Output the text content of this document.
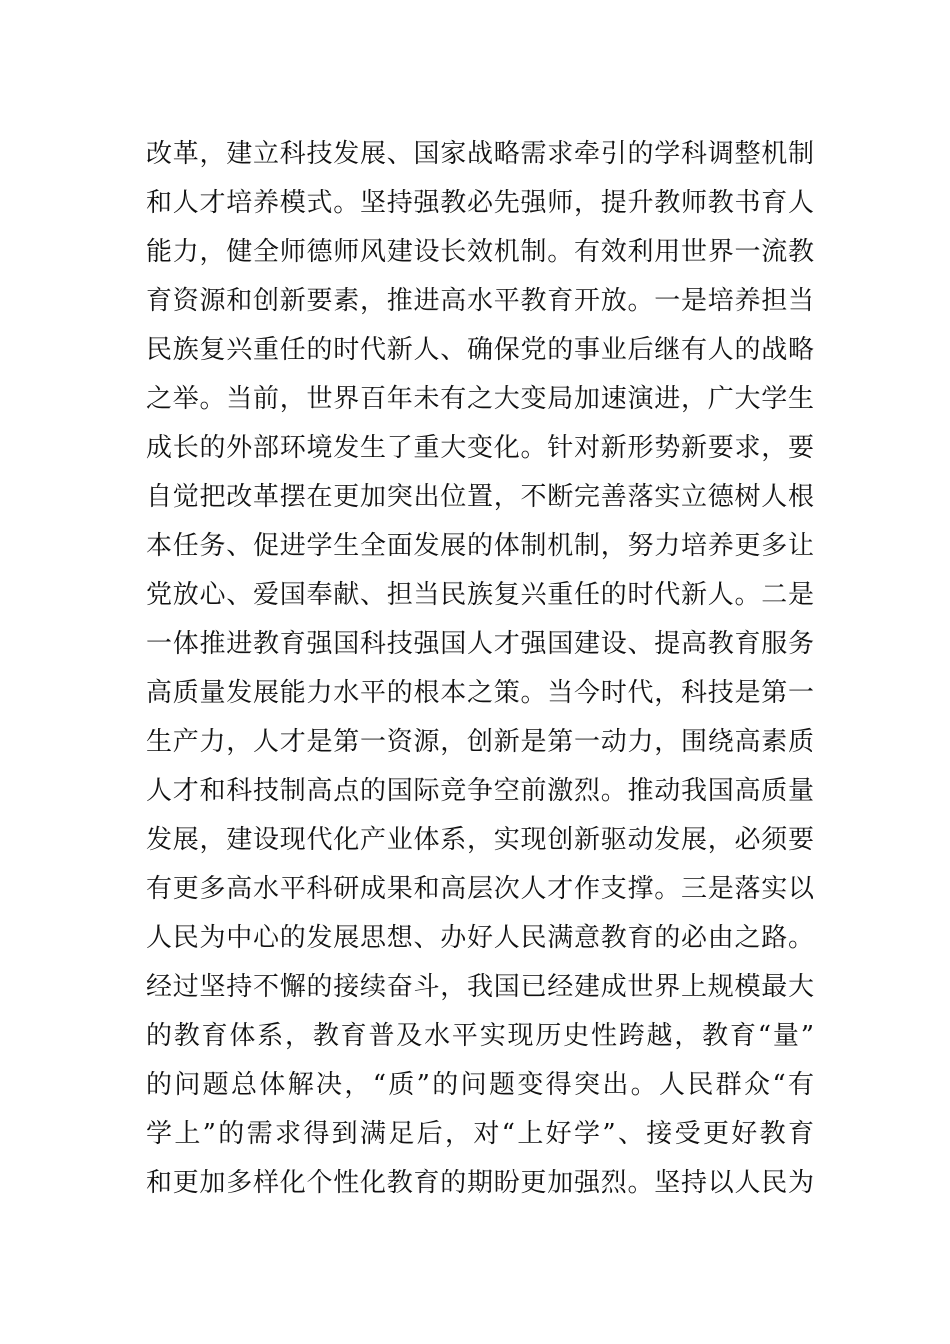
改革，建立科技发展、国家战略需求牵引的学科调整机制
和人才培养模式。坚持强教必先强师，提升教师教书育人
能力，健全师德师风建设长效机制。有效利用世界一流教
育资源和创新要素，推进高水平教育开放。一是培养担当
民族复兴重任的时代新人、确保党的事业后继有人的战略
之举。当前，世界百年未有之大变局加速演进，广大学生
成长的外部环境发生了重大变化。针对新形势新要求，要
自觉把改革摆在更加突出位置，不断完善落实立德树人根
本任务、促进学生全面发展的体制机制，努力培养更多让
党放心、爱国奉献、担当民族复兴重任的时代新人。二是
一体推进教育强国科技强国人才强国建设、提高教育服务
高质量发展能力水平的根本之策。当今时代，科技是第一
生产力，人才是第一资源，创新是第一动力，围绕高素质
人才和科技制高点的国际竞争空前激烈。推动我国高质量
发展，建设现代化产业体系，实现创新驱动发展，必须要
有更多高水平科研成果和高层次人才作支撑。三是落实以
人民为中心的发展思想、办好人民满意教育的必由之路。
经过坚持不懈的接续奋斗，我国已经建成世界上规模最大
的教育体系，教育普及水平实现历史性跨越，教育“量”
的问题总体解决，“质”的问题变得突出。人民群众“有
学上”的需求得到满足后，对“上好学”、接受更好教育
和更加多样化个性化教育的期盼更加强烈。坚持以人民为
